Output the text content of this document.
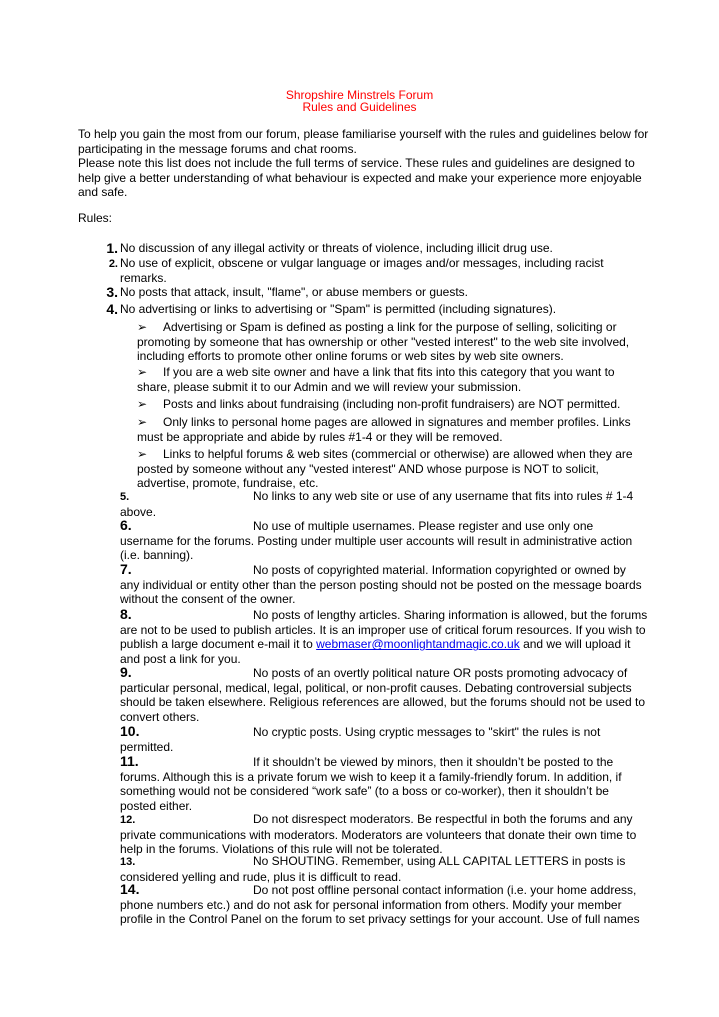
Shropshire Minstrels Forum
Rules and Guidelines
To help you gain the most from our forum, please familiarise yourself with the rules and guidelines below for participating in the message forums and chat rooms.
Please note this list does not include the full terms of service. These rules and guidelines are designed to help give a better understanding of what behaviour is expected and make your experience more enjoyable and safe.
Rules:
1. No discussion of any illegal activity or threats of violence, including illicit drug use.
2. No use of explicit, obscene or vulgar language or images and/or messages, including racist remarks.
3. No posts that attack, insult, "flame", or abuse members or guests.
4. No advertising or links to advertising or "Spam" is permitted (including signatures).
➢ Advertising or Spam is defined as posting a link for the purpose of selling, soliciting or promoting by someone that has ownership or other "vested interest" to the web site involved, including efforts to promote other online forums or web sites by web site owners.
➢ If you are a web site owner and have a link that fits into this category that you want to share, please submit it to our Admin and we will review your submission.
➢ Posts and links about fundraising (including non-profit fundraisers) are NOT permitted.
➢ Only links to personal home pages are allowed in signatures and member profiles. Links must be appropriate and abide by rules #1-4 or they will be removed.
➢ Links to helpful forums & web sites (commercial or otherwise) are allowed when they are posted by someone without any "vested interest" AND whose purpose is NOT to solicit, advertise, promote, fundraise, etc.
5.	No links to any web site or use of any username that fits into rules # 1-4 above.
6.	No use of multiple usernames. Please register and use only one username for the forums. Posting under multiple user accounts will result in administrative action (i.e. banning).
7.	No posts of copyrighted material. Information copyrighted or owned by any individual or entity other than the person posting should not be posted on the message boards without the consent of the owner.
8.	No posts of lengthy articles. Sharing information is allowed, but the forums are not to be used to publish articles. It is an improper use of critical forum resources. If you wish to publish a large document e-mail it to webmaser@moonlightandmagic.co.uk and we will upload it and post a link for you.
9.	No posts of an overtly political nature OR posts promoting advocacy of particular personal, medical, legal, political, or non-profit causes. Debating controversial subjects should be taken elsewhere. Religious references are allowed, but the forums should not be used to convert others.
10.	No cryptic posts. Using cryptic messages to "skirt" the rules is not permitted.
11.	If it shouldn’t be viewed by minors, then it shouldn’t be posted to the forums. Although this is a private forum we wish to keep it a family-friendly forum. In addition, if something would not be considered “work safe” (to a boss or co-worker), then it shouldn’t be posted either.
12.	Do not disrespect moderators. Be respectful in both the forums and any private communications with moderators. Moderators are volunteers that donate their own time to help in the forums. Violations of this rule will not be tolerated.
13.	No SHOUTING. Remember, using ALL CAPITAL LETTERS in posts is considered yelling and rude, plus it is difficult to read.
14.	Do not post offline personal contact information (i.e. your home address, phone numbers etc.) and do not ask for personal information from others. Modify your member profile in the Control Panel on the forum to set privacy settings for your account. Use of full names
